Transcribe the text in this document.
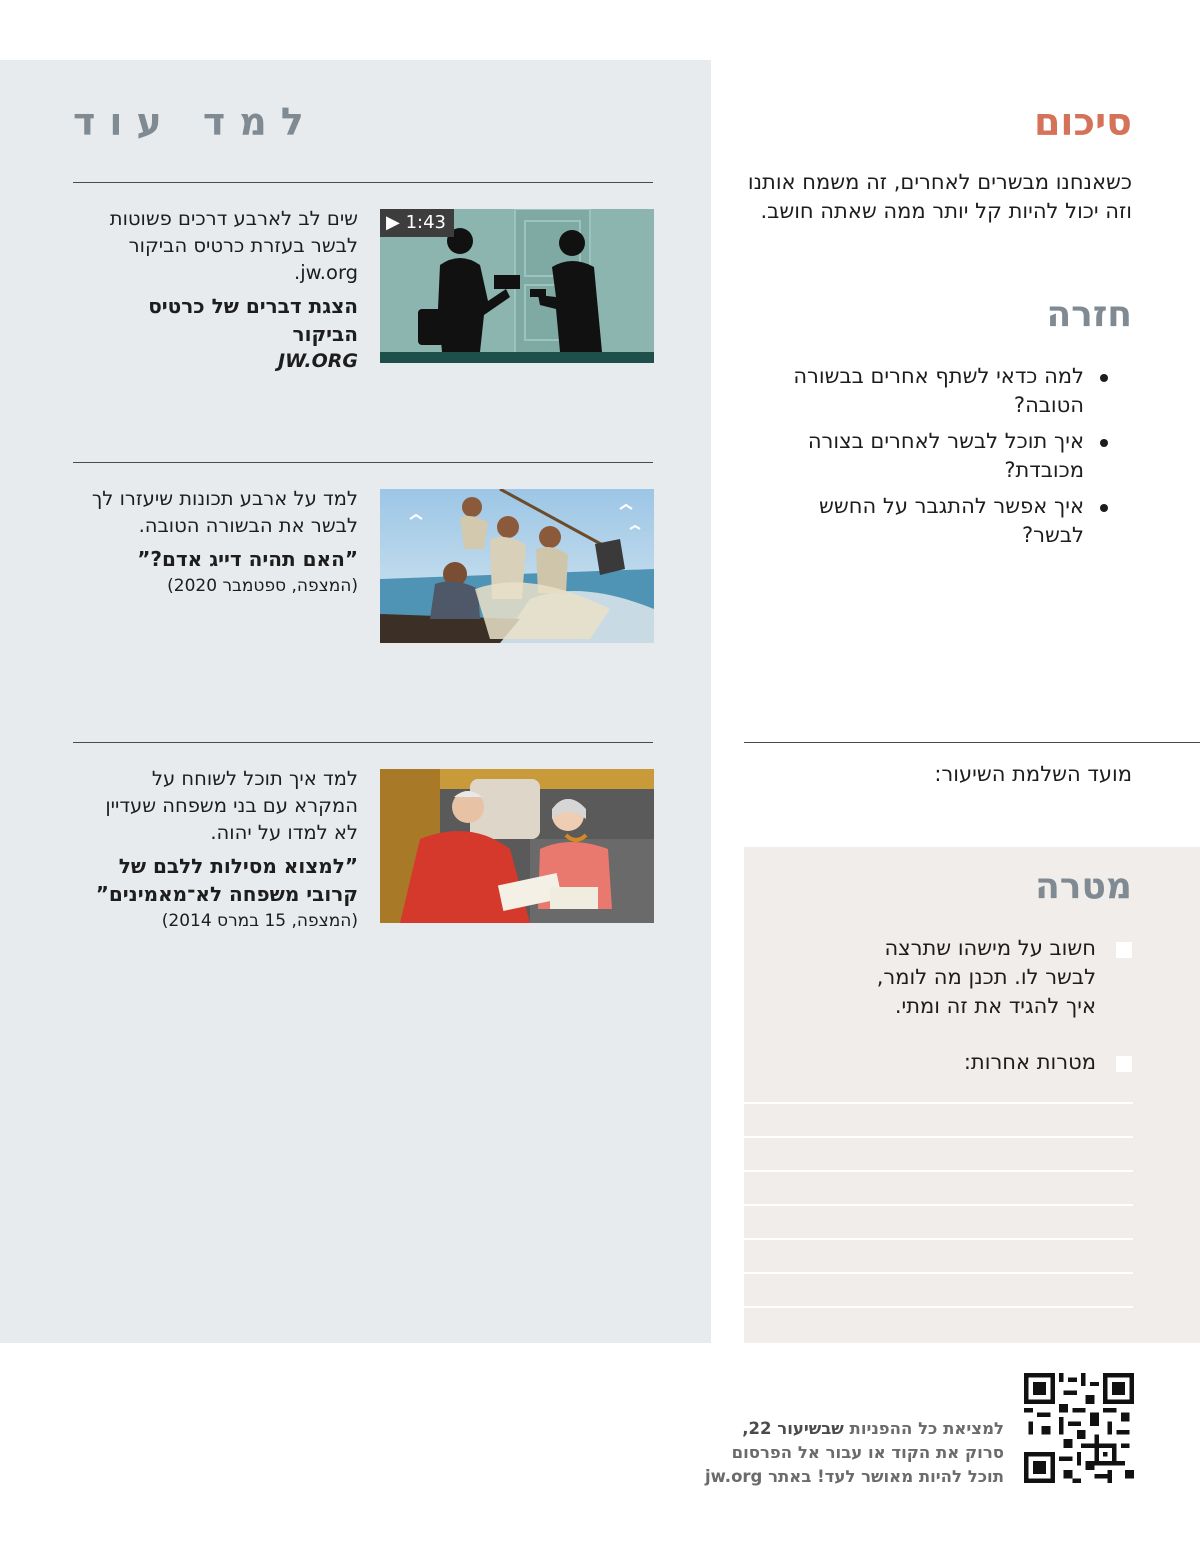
למד עוד
▶ 1:43
שים לב לארבע דרכים פשוטות לבשר בעזרת כרטיס הביקור jw.org.
הצגת דברים של כרטיס הביקור
JW.ORG
למד על ארבע תכונות שיעזרו לך לבשר את הבשורה הטובה.
”האם תהיה דייג אדם?”
(המצפה, ספטמבר 2020)
למד איך תוכל לשוחח על המקרא עם בני משפחה שעדיין לא למדו על יהוה.
”למצוא מסילות ללבם של קרובי משפחה לא־מאמינים”
(המצפה, 15 במרס 2014)
סיכום
כשאנחנו מבשרים לאחרים, זה משמח אותנו וזה יכול להיות קל יותר ממה שאתה חושב.
חזרה
למה כדאי לשתף אחרים בבשורה הטובה?
איך תוכל לבשר לאחרים בצורה מכובדת?
איך אפשר להתגבר על החשש לבשר?
מועד השלמת השיעור:
מטרה
חשוב על מישהו שתרצה לבשר לו. תכנן מה לומר, איך להגיד את זה ומתי.
מטרות אחרות:
למציאת כל ההפניות שבשיעור 22,
סרוק את הקוד או עבור אל הפרסום
תוכל להיות מאושר לעד! באתר jw.org
